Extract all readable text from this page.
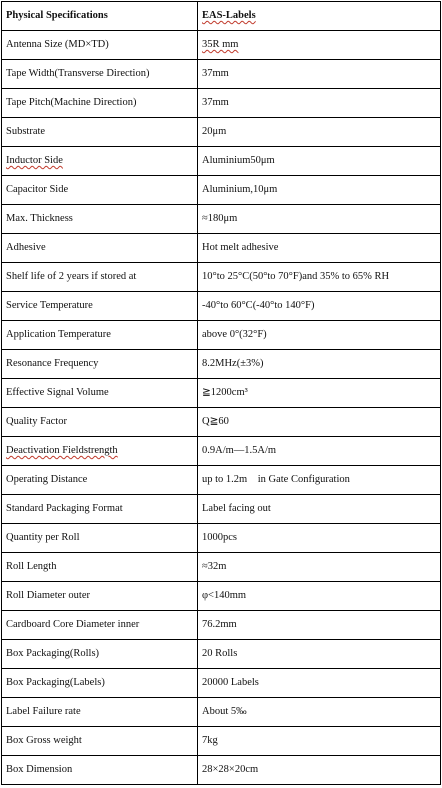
Physical Specifications	EAS-Labels
Antenna Size (MD×TD)	35R mm
Tape Width(Transverse Direction)	37mm
Tape Pitch(Machine Direction)	37mm
Substrate	20μm
Inductor Side	Aluminium50μm
Capacitor Side	Aluminium,10μm
Max. Thickness	≈180μm
Adhesive	Hot melt adhesive
Shelf life of 2 years if stored at	10°to 25°C(50°to 70°F)and 35% to 65% RH
Service Temperature	-40°to 60°C(-40°to 140°F)
Application Temperature	above 0°(32°F)
Resonance Frequency	8.2MHz(±3%)
Effective Signal Volume	≧1200cm³
Quality Factor	Q≧60
Deactivation Fieldstrength	0.9A/m—1.5A/m
Operating Distance	up to 1.2m    in Gate Configuration
Standard Packaging Format	Label facing out
Quantity per Roll	1000pcs
Roll Length	≈32m
Roll Diameter outer	φ<140mm
Cardboard Core Diameter inner	76.2mm
Box Packaging(Rolls)	20 Rolls
Box Packaging(Labels)	20000 Labels
Label Failure rate	About 5‰
Box Gross weight	7kg
Box Dimension	28×28×20cm
